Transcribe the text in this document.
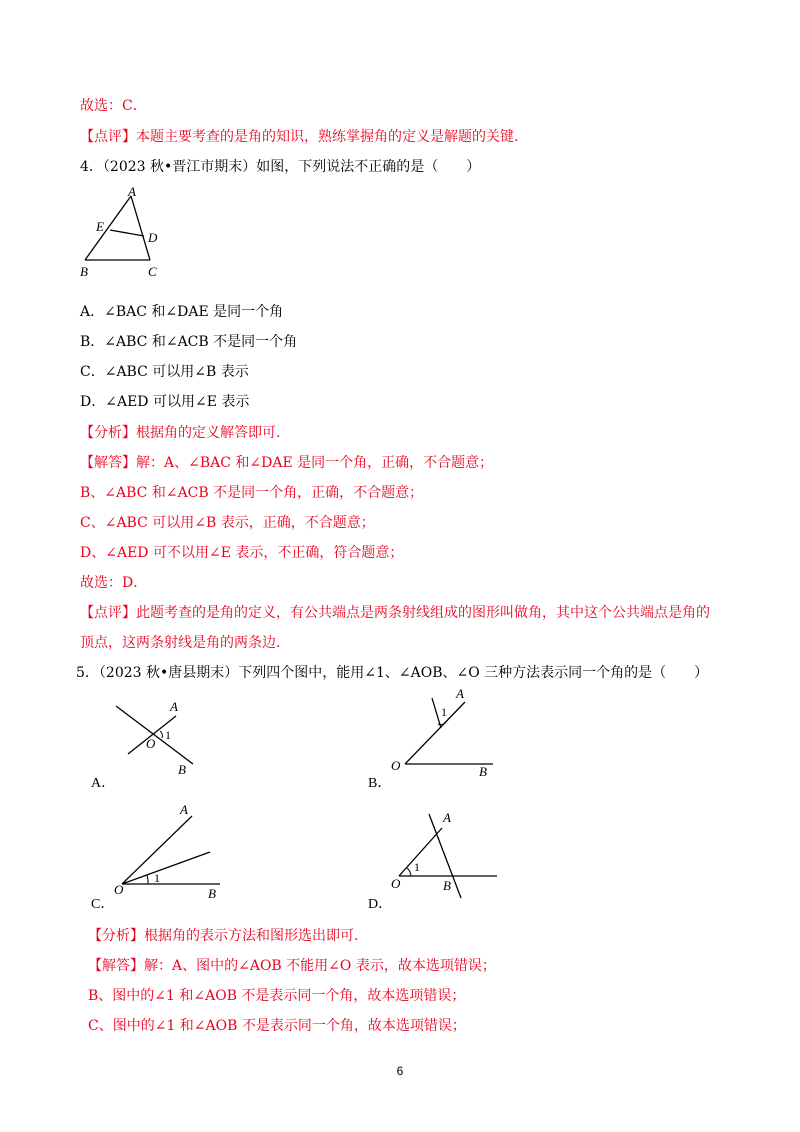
故选：C．
【点评】本题主要考查的是角的知识，熟练掌握角的定义是解题的关键.
4．（2023 秋•晋江市期末）如图，下列说法不正确的是（　　）
A
E
D
B	C
A．∠BAC 和∠DAE 是同一个角
B．∠ABC 和∠ACB 不是同一个角
C．∠ABC 可以用∠B 表示
D．∠AED 可以用∠E 表示
【分析】根据角的定义解答即可.
【解答】解：A、∠BAC 和∠DAE 是同一个角，正确，不合题意；
B、∠ABC 和∠ACB 不是同一个角，正确，不合题意；
C、∠ABC 可以用∠B 表示，正确，不合题意；
D、∠AED 可不以用∠E 表示，不正确，符合题意；
故选：D．
【点评】此题考查的是角的定义，有公共端点是两条射线组成的图形叫做角，其中这个公共端点是角的
顶点，这两条射线是角的两条边.
5．（2023 秋•唐县期末）下列四个图中，能用∠1、∠AOB、∠O 三种方法表示同一个角的是（　　）
A
O
1
B
A．
A
1
O	B
B．
A
1
O	B
C．
A
1
O	B
D．
【分析】根据角的表示方法和图形选出即可.
【解答】解：A、图中的∠AOB 不能用∠O 表示，故本选项错误；
B、图中的∠1 和∠AOB 不是表示同一个角，故本选项错误；
C、图中的∠1 和∠AOB 不是表示同一个角，故本选项错误；
6
